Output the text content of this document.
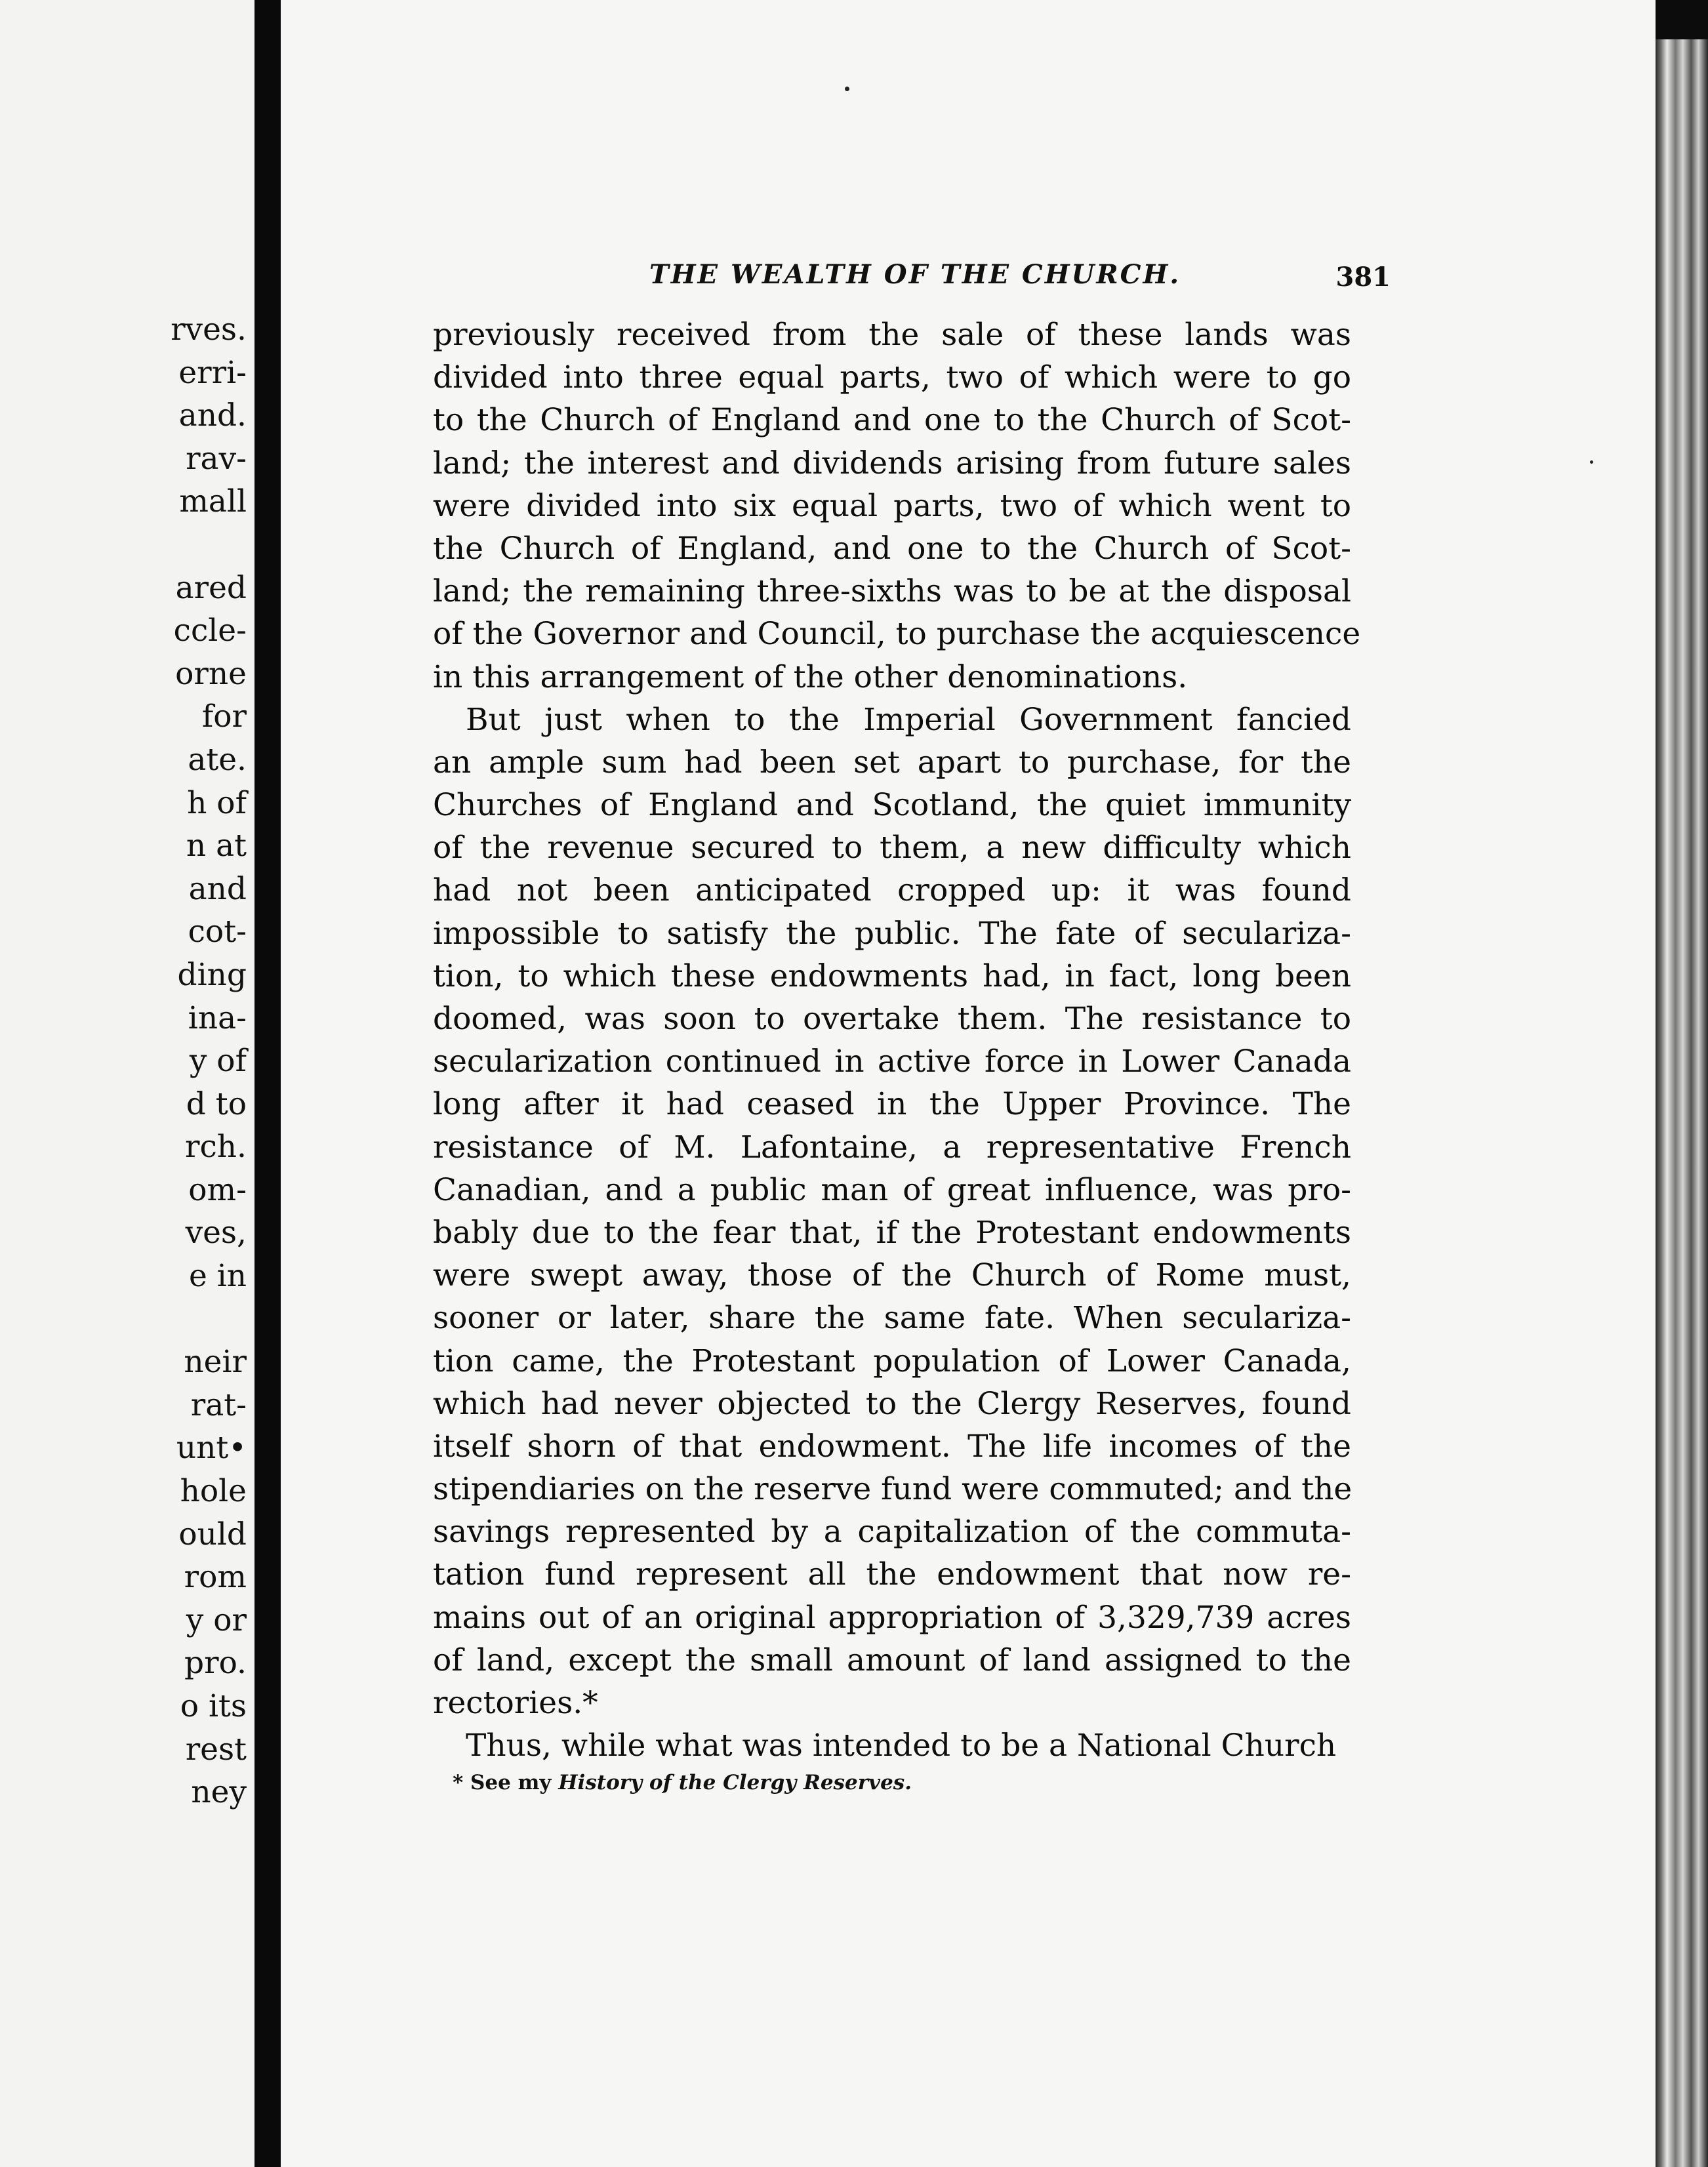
rves.
erri-
and.
rav-
mall
ared
ccle-
orne
for
ate.
h of
n at
and
cot-
ding
ina-
y of
d to
rch.
om-
ves,
e in
neir
rat-
unt•
hole
ould
rom
y or
pro.
o its
rest
ney
THE WEALTH OF THE CHURCH.	381
previously received from the sale of these lands was
divided into three equal parts, two of which were to go
to the Church of England and one to the Church of Scot-
land; the interest and dividends arising from future sales
were divided into six equal parts, two of which went to
the Church of England, and one to the Church of Scot-
land; the remaining three-sixths was to be at the disposal
of the Governor and Council, to purchase the acquiescence
in this arrangement of the other denominations.
But just when to the Imperial Government fancied
an ample sum had been set apart to purchase, for the
Churches of England and Scotland, the quiet immunity
of the revenue secured to them, a new difficulty which
had not been anticipated cropped up: it was found
impossible to satisfy the public. The fate of seculariza-
tion, to which these endowments had, in fact, long been
doomed, was soon to overtake them. The resistance to
secularization continued in active force in Lower Canada
long after it had ceased in the Upper Province. The
resistance of M. Lafontaine, a representative French
Canadian, and a public man of great influence, was pro-
bably due to the fear that, if the Protestant endowments
were swept away, those of the Church of Rome must,
sooner or later, share the same fate. When seculariza-
tion came, the Protestant population of Lower Canada,
which had never objected to the Clergy Reserves, found
itself shorn of that endowment. The life incomes of the
stipendiaries on the reserve fund were commuted; and the
savings represented by a capitalization of the commuta-
tation fund represent all the endowment that now re-
mains out of an original appropriation of 3,329,739 acres
of land, except the small amount of land assigned to the
rectories.*
Thus, while what was intended to be a National Church
* See my History of the Clergy Reserves.
